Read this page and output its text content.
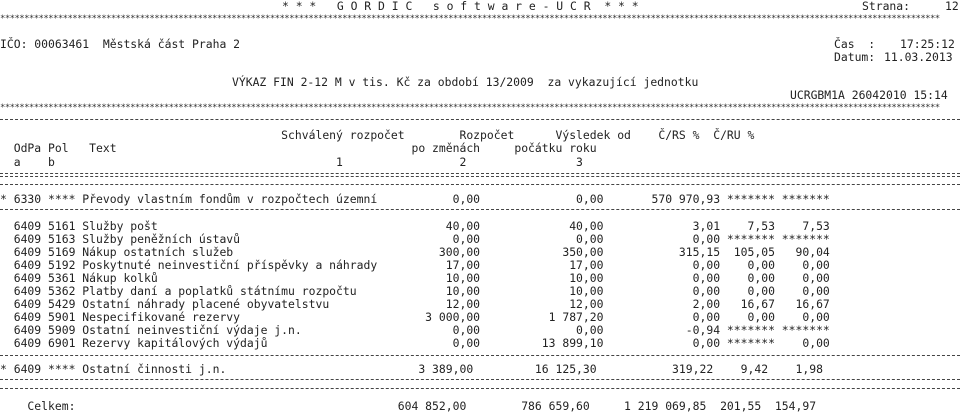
* * *   G O R D I C   s o f t w a r e - U C R  * * *	Strana:	12
***************************************************************************************************************************************************************************************************
IČO: 00063461  Městská část Praha 2	Čas  : 17:25:12
Datum: 11.03.2013
VÝKAZ FIN 2-12 M v tis. Kč za období 13/2009  za vykazující jednotku
UCRGBM1A 26042010 15:14
***************************************************************************************************************************************************************************************************
Schválený rozpočet        Rozpočet      Výsledek od    Č/RS %  Č/RU %
OdPa Pol   Text                                           po změnách     počátku roku
a    b                                         1                 2                3
* 6330 **** Převody vlastním fondům v rozpočtech územní           0,00              0,00       570 970,93 ******* *******
6409 5161 Služby pošt                                          40,00             40,00             3,01    7,53    7,53
6409 5163 Služby peněžních ústavů                               0,00              0,00             0,00 ******* *******
6409 5169 Nákup ostatních služeb                              300,00            350,00           315,15  105,05   90,04
6409 5192 Poskytnuté neinvestiční příspěvky a náhrady          17,00             17,00             0,00    0,00    0,00
6409 5361 Nákup kolků                                          10,00             10,00             0,00    0,00    0,00
6409 5362 Platby daní a poplatků státnímu rozpočtu             10,00             10,00             0,00    0,00    0,00
6409 5429 Ostatní náhrady placené obyvatelstvu                 12,00             12,00             2,00   16,67   16,67
6409 5901 Nespecifikované rezervy                           3 000,00          1 787,20             0,00    0,00    0,00
6409 5909 Ostatní neinvestiční výdaje j.n.                      0,00              0,00            -0,94 ******* *******
6409 6901 Rezervy kapitálových výdajů                           0,00         13 899,10             0,00 *******    0,00
* 6409 **** Ostatní činnosti j.n.                            3 389,00         16 125,30           319,22    9,42    1,98
Celkem:                                               604 852,00        786 659,60     1 219 069,85  201,55  154,97
